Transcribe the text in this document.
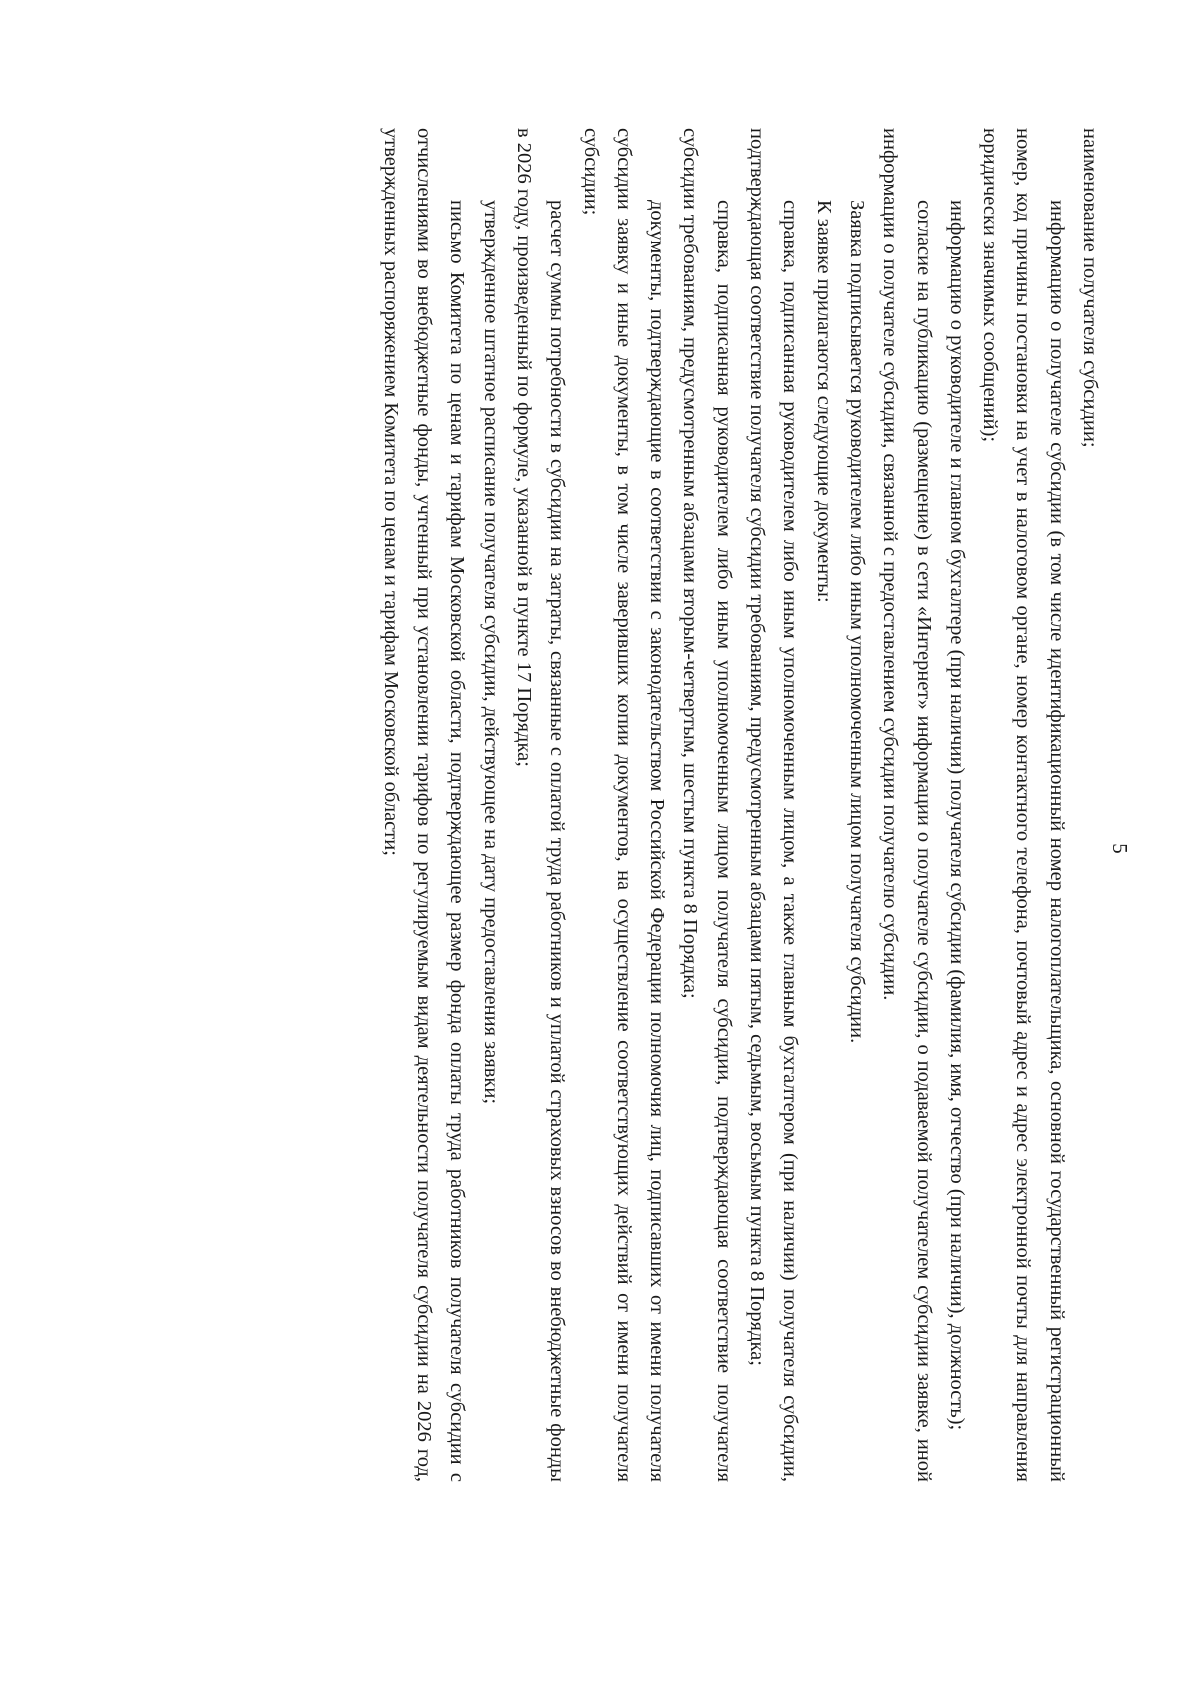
5

наименование получателя субсидии;

информацию о получателе субсидии (в том числе идентификационный номер налогоплательщика, основной государственный регистрационный номер, код причины постановки на учет в налоговом органе, номер контактного телефона, почтовый адрес и адрес электронной почты для направления юридически значимых сообщений);

информацию о руководителе и главном бухгалтере (при наличии) получателя субсидии (фамилия, имя, отчество (при наличии), должность);

согласие на публикацию (размещение) в сети «Интернет» информации о получателе субсидии, о подаваемой получателем субсидии заявке, иной информации о получателе субсидии, связанной с предоставлением субсидии получателю субсидии.

Заявка подписывается руководителем либо иным уполномоченным лицом получателя субсидии.

К заявке прилагаются следующие документы:

справка, подписанная руководителем либо иным уполномоченным лицом, а также главным бухгалтером (при наличии) получателя субсидии, подтверждающая соответствие получателя субсидии требованиям, предусмотренным абзацами пятым, седьмым, восьмым пункта 8 Порядка;

справка, подписанная руководителем либо иным уполномоченным лицом получателя субсидии, подтверждающая соответствие получателя субсидии требованиям, предусмотренным абзацами вторым-четвертым, шестым пункта 8 Порядка;

документы, подтверждающие в соответствии с законодательством Российской Федерации полномочия лиц, подписавших от имени получателя субсидии заявку и иные документы, в том числе заверивших копии документов, на осуществление соответствующих действий от имени получателя субсидии;

расчет суммы потребности в субсидии на затраты, связанные с оплатой труда работников и уплатой страховых взносов во внебюджетные фонды в 2026 году, произведенный по формуле, указанной в пункте 17 Порядка;

утвержденное штатное расписание получателя субсидии, действующее на дату предоставления заявки;

письмо Комитета по ценам и тарифам Московской области, подтверждающее размер фонда оплаты труда работников получателя субсидии с отчислениями во внебюджетные фонды, учтенный при установлении тарифов по регулируемым видам деятельности получателя субсидии на 2026 год, утвержденных распоряжением Комитета по ценам и тарифам Московской области;
